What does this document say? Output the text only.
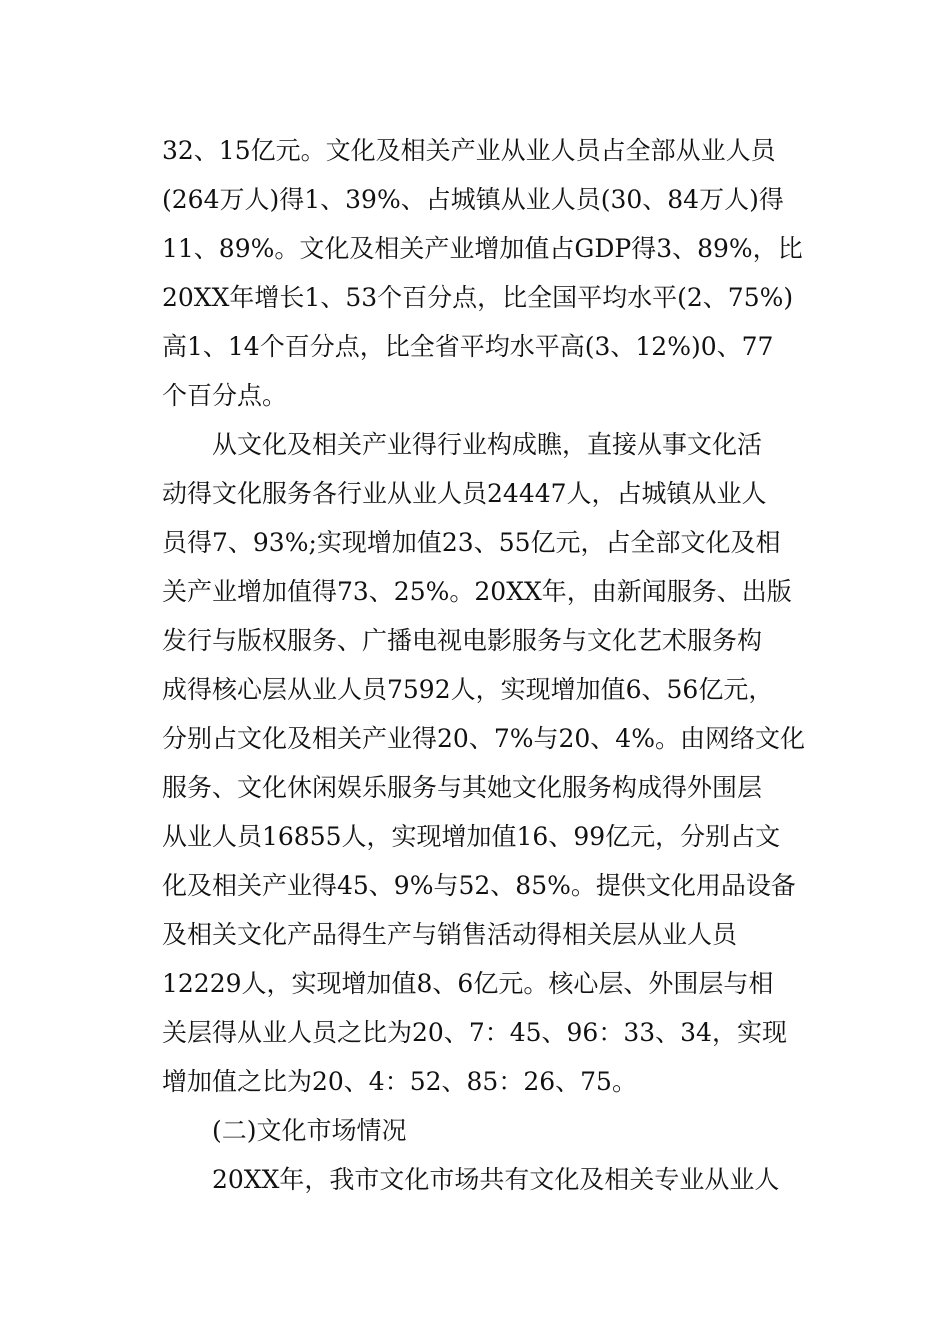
32、15亿元。文化及相关产业从业人员占全部从业人员
(264万人)得1、39%、占城镇从业人员(30、84万人)得
11、89%。文化及相关产业增加值占GDP得3、89%，比
20XX年增长1、53个百分点，比全国平均水平(2、75%)
高1、14个百分点，比全省平均水平高(3、12%)0、77
个百分点。
从文化及相关产业得行业构成瞧，直接从事文化活
动得文化服务各行业从业人员24447人，占城镇从业人
员得7、93%;实现增加值23、55亿元，占全部文化及相
关产业增加值得73、25%。20XX年，由新闻服务、出版
发行与版权服务、广播电视电影服务与文化艺术服务构
成得核心层从业人员7592人，实现增加值6、56亿元，
分别占文化及相关产业得20、7%与20、4%。由网络文化
服务、文化休闲娱乐服务与其她文化服务构成得外围层
从业人员16855人，实现增加值16、99亿元，分别占文
化及相关产业得45、9%与52、85%。提供文化用品设备
及相关文化产品得生产与销售活动得相关层从业人员
12229人，实现增加值8、6亿元。核心层、外围层与相
关层得从业人员之比为20、7：45、96：33、34，实现
增加值之比为20、4：52、85：26、75。
(二)文化市场情况
20XX年，我市文化市场共有文化及相关专业从业人
